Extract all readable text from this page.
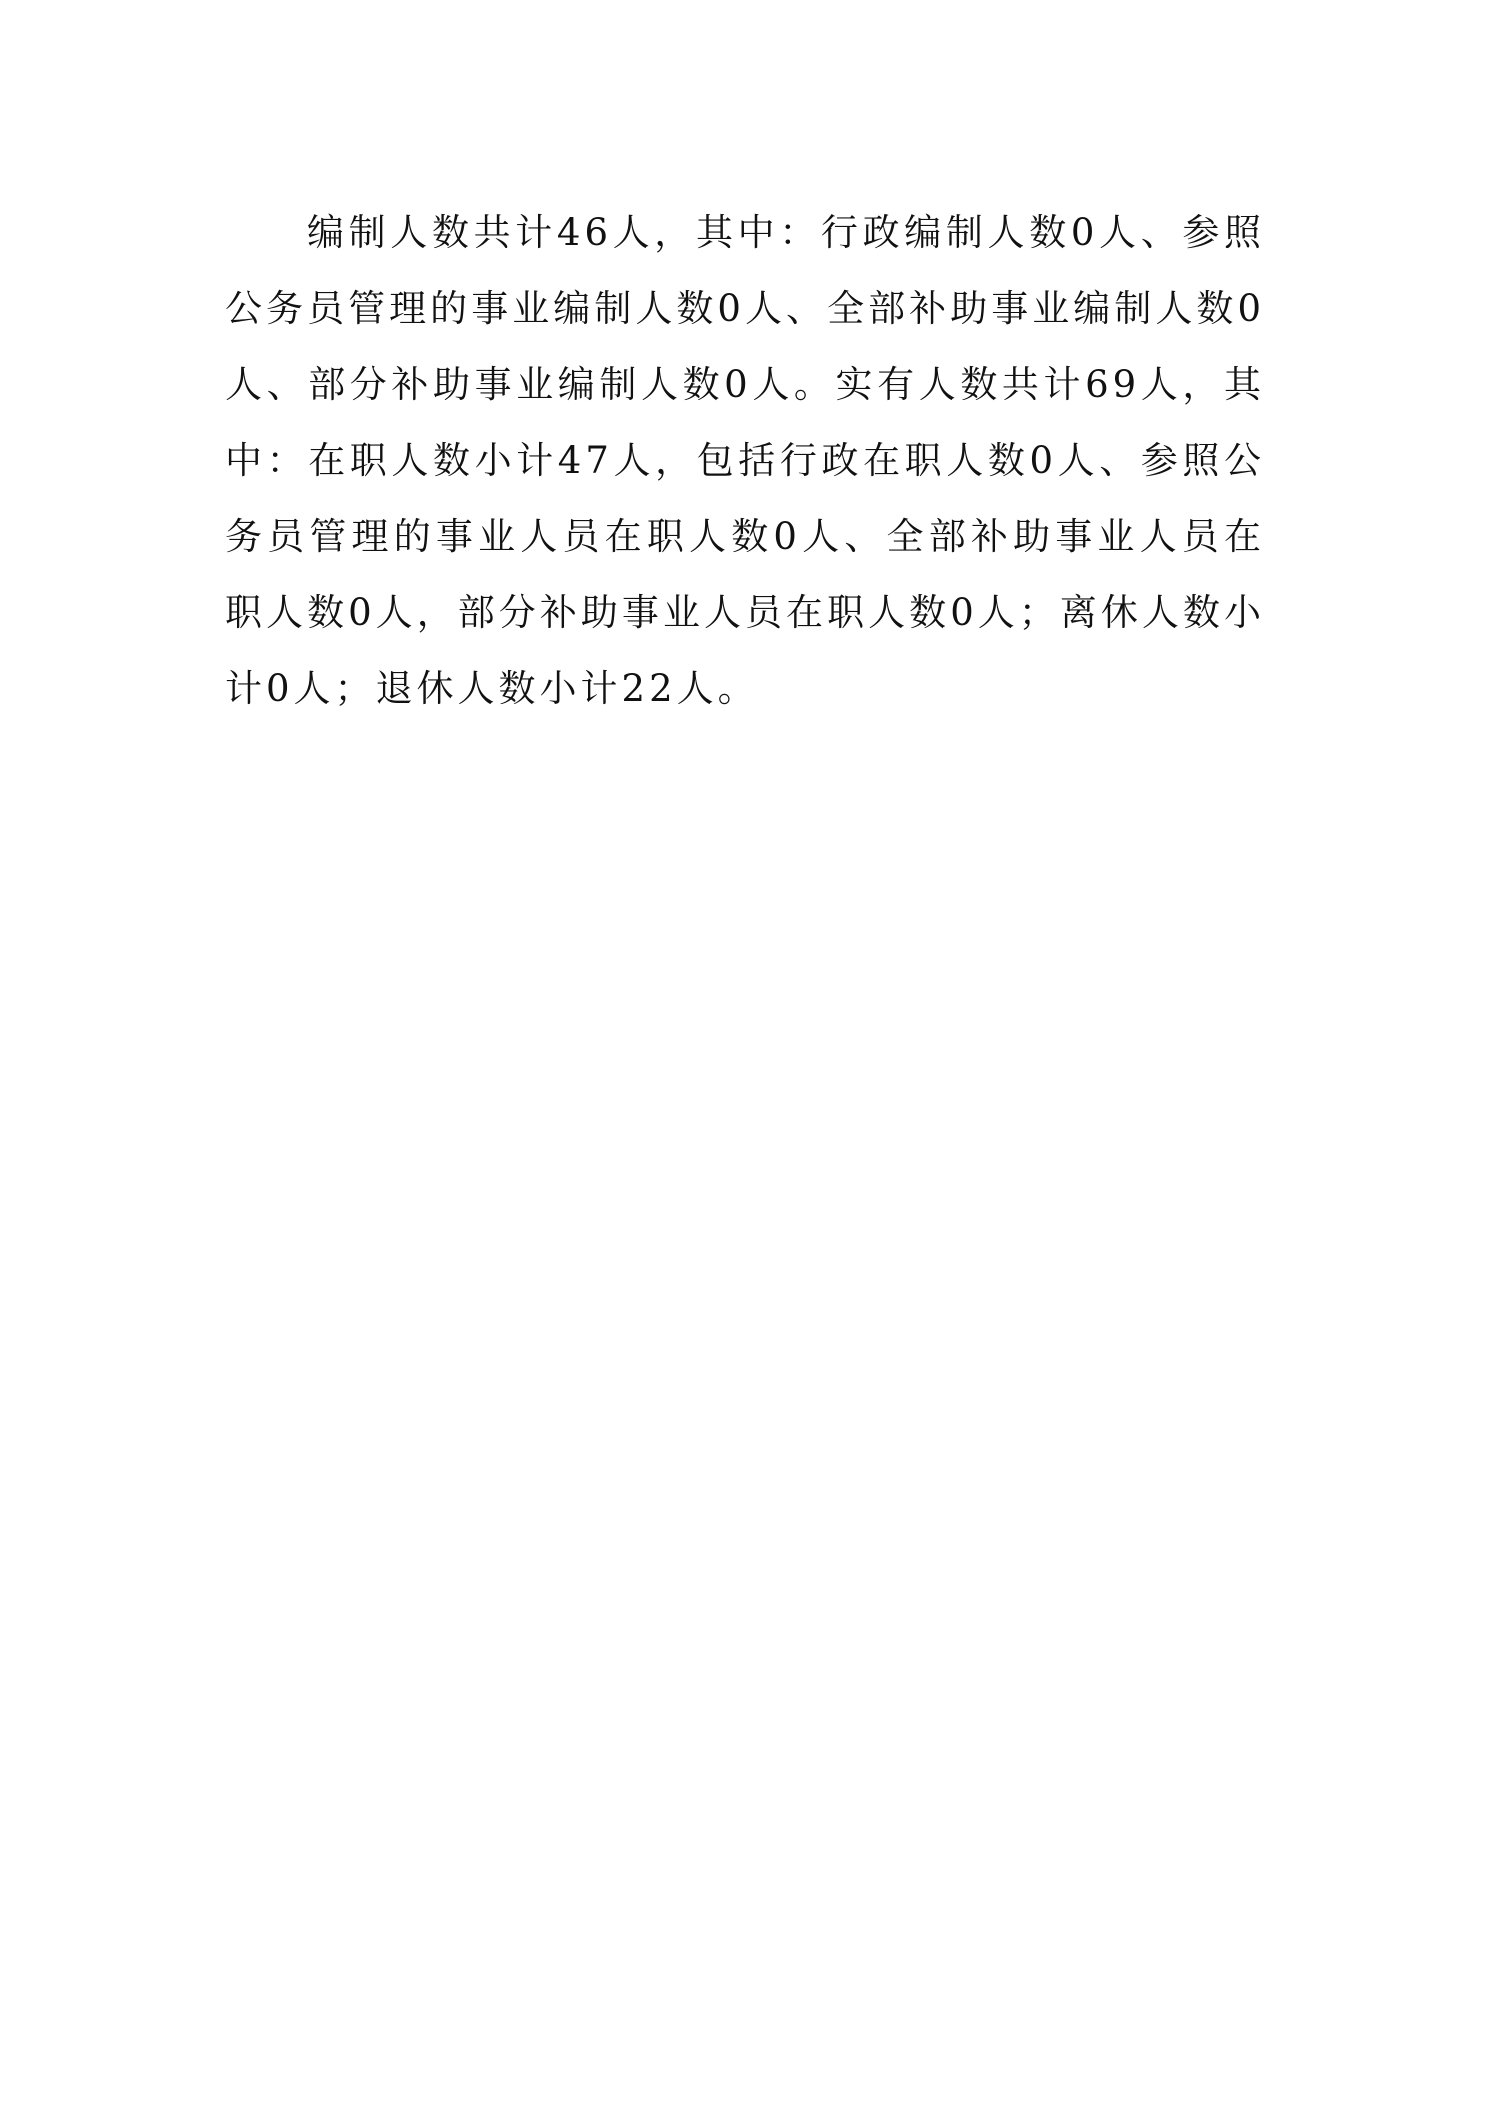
编制人数共计46人，其中：行政编制人数0人、参照公务员管理的事业编制人数0人、全部补助事业编制人数0人、部分补助事业编制人数0人。实有人数共计69人，其中：在职人数小计47人，包括行政在职人数0人、参照公务员管理的事业人员在职人数0人、全部补助事业人员在职人数0人，部分补助事业人员在职人数0人；离休人数小计0人；退休人数小计22人。
